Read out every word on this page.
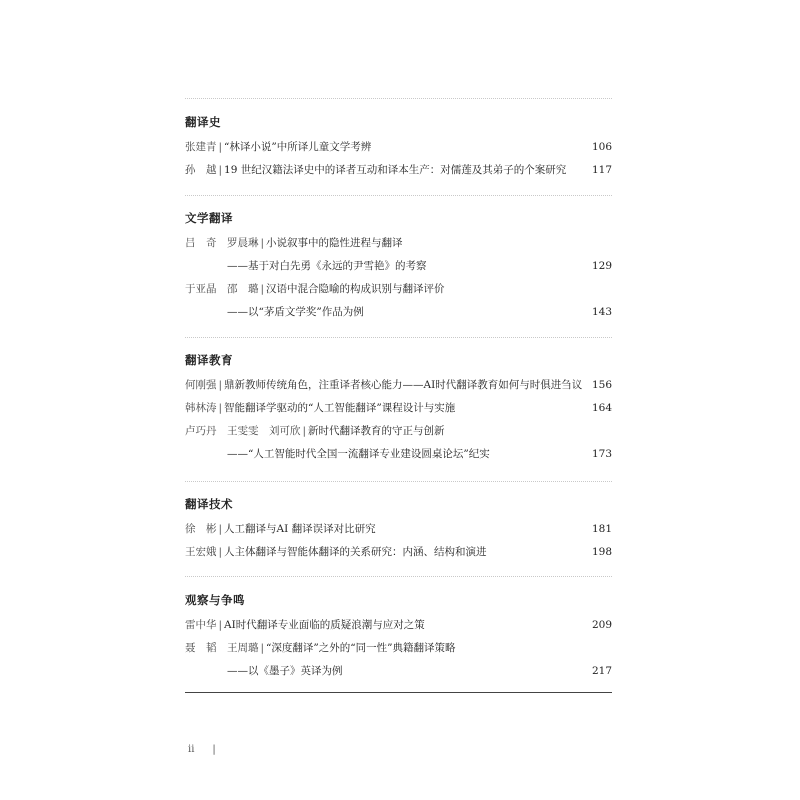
翻译史
张建青 | “林译小说”中所译儿童文学考辨	106
孙　越 | 19 世纪汉籍法译史中的译者互动和译本生产：对儒莲及其弟子的个案研究 117
文学翻译
吕　奇　罗晨琳 | 小说叙事中的隐性进程与翻译
——基于对白先勇《永远的尹雪艳》的考察	129
于亚晶　邵　璐 | 汉语中混合隐喻的构成识别与翻译评价
——以“茅盾文学奖”作品为例	143
翻译教育
何刚强 | 鼎新教师传统角色，注重译者核心能力——AI时代翻译教育如何与时俱进刍议 156
韩林涛 | 智能翻译学驱动的“人工智能翻译”课程设计与实施	164
卢巧丹　王雯雯　刘可欣 | 新时代翻译教育的守正与创新
——“人工智能时代全国一流翻译专业建设圆桌论坛”纪实	173
翻译技术
徐　彬 | 人工翻译与AI 翻译误译对比研究	181
王宏娥 | 人主体翻译与智能体翻译的关系研究：内涵、结构和演进	198
观察与争鸣
雷中华 | AI时代翻译专业面临的质疑浪潮与应对之策	209
聂　韬　王周璐 | “深度翻译”之外的“同一性”典籍翻译策略
——以《墨子》英译为例	217
ii |
